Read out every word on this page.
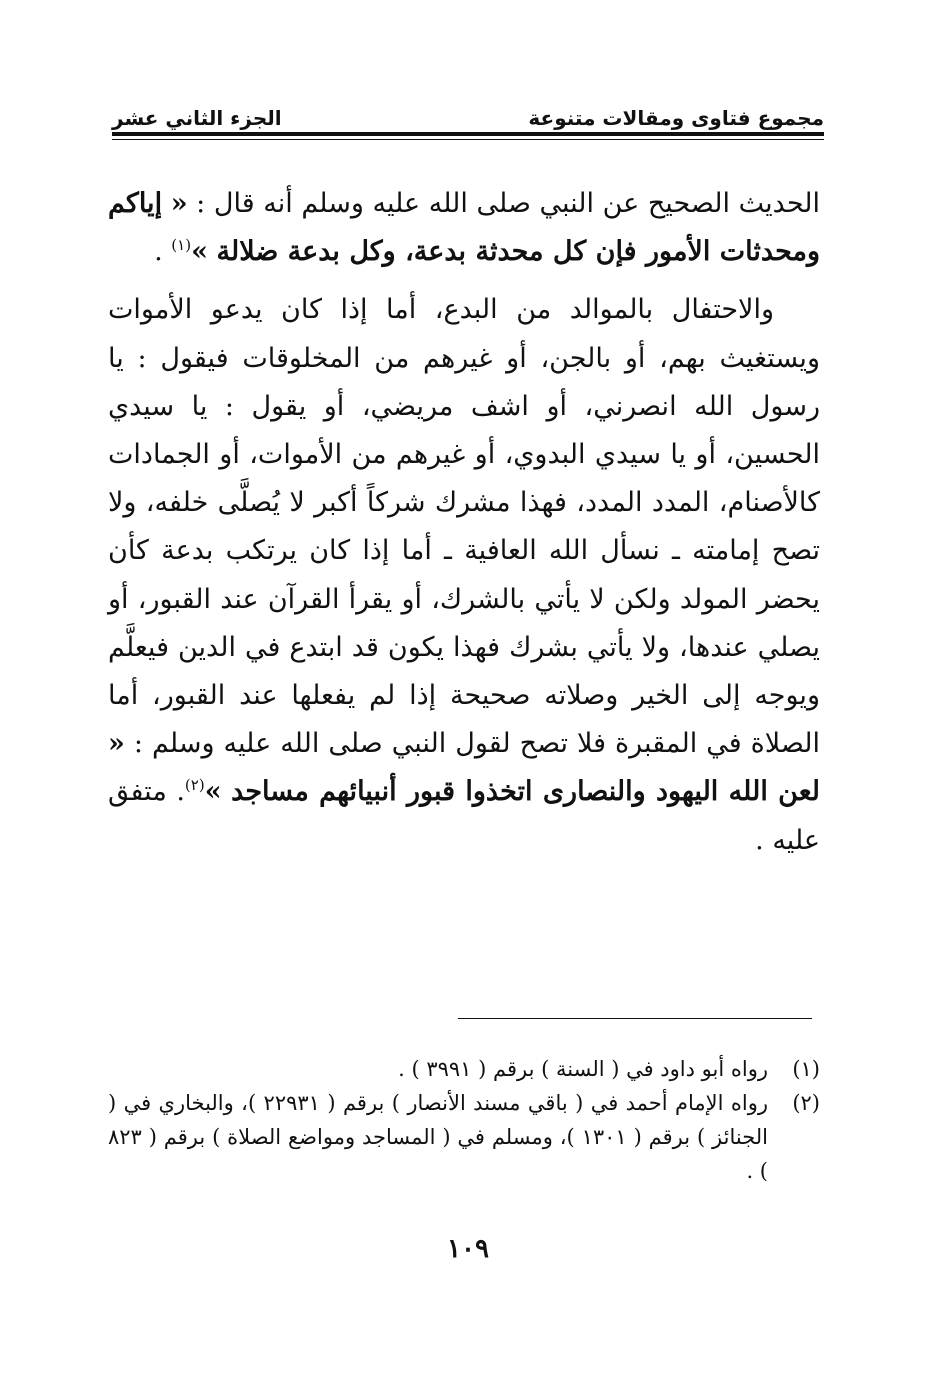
مجموع فتاوى ومقالات متنوعة
الجزء الثاني عشر

الحديث الصحيح عن النبي صلى الله عليه وسلم أنه قال : « إياكم ومحدثات الأمور فإن كل محدثة بدعة، وكل بدعة ضلالة »$^{(١)}$ .

والاحتفال بالموالد من البدع، أما إذا كان يدعو الأموات ويستغيث بهم، أو بالجن، أو غيرهم من المخلوقات فيقول : يا رسول الله انصرني، أو اشف مريضي، أو يقول : يا سيدي الحسين، أو يا سيدي البدوي، أو غيرهم من الأموات، أو الجمادات كالأصنام، المدد المدد، فهذا مشرك شركاً أكبر لا يُصلَّى خلفه، ولا تصح إمامته ـ نسأل الله العافية ـ أما إذا كان يرتكب بدعة كأن يحضر المولد ولكن لا يأتي بالشرك، أو يقرأ القرآن عند القبور، أو يصلي عندها، ولا يأتي بشرك فهذا يكون قد ابتدع في الدين فيعلَّم ويوجه إلى الخير وصلاته صحيحة إذا لم يفعلها عند القبور، أما الصلاة في المقبرة فلا تصح لقول النبي صلى الله عليه وسلم : « لعن الله اليهود والنصارى اتخذوا قبور أنبيائهم مساجد »$^{(٢)}$. متفق عليه .

(١)
رواه أبو داود في ( السنة ) برقم ( ٣٩٩١ ) .
(٢)
رواه الإمام أحمد في ( باقي مسند الأنصار ) برقم ( ٢٢٩٣١ )، والبخاري في ( الجنائز ) برقم ( ١٣٠١ )، ومسلم في ( المساجد ومواضع الصلاة ) برقم ( ٨٢٣ ) .
١٠٩
